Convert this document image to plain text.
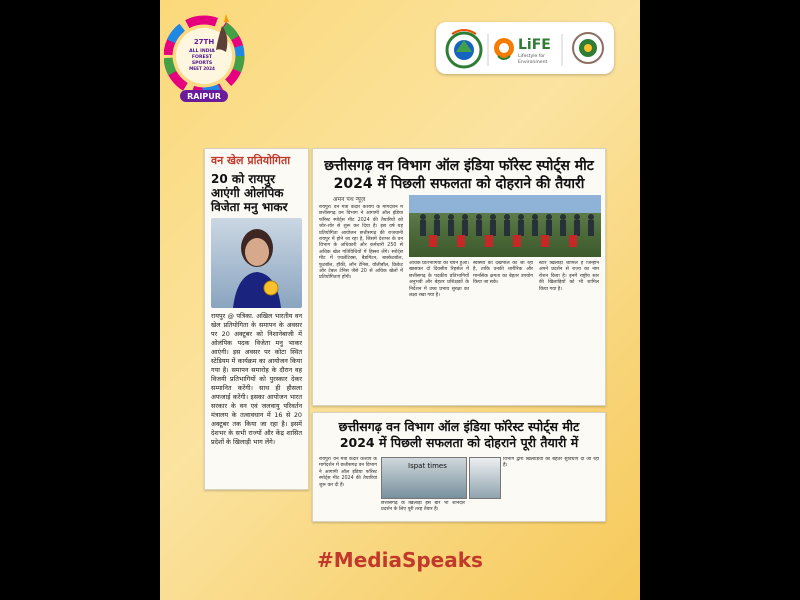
27TH
ALL INDIA
FOREST
SPORTS
MEET 2024
RAIPUR
LiFE
Lifestyle for
Environment
वन खेल प्रतियोगिता
20 को रायपुर
आएंगी ओलंपिक
विजेता मनु भाकर
रायपुर @ पत्रिका. अखिल भारतीय वन खेल प्रतियोगिता के समापन के अवसर पर 20 अक्टूबर को निशानेबाजी में ओलंपिक पदक विजेता मनु भाकर आएंगी। इस अवसर पर कोटा स्थित स्टेडियम में कार्यक्रम का आयोजन किया गया है। समापन समारोह के दौरान वह विजयी प्रतिभागियों को पुरस्कार देकर सम्मानित करेंगी। साथ ही हौसला अफजाई करेंगी। इसका आयोजन भारत सरकार के वन एवं जलवायु परिवर्तन मंत्रालय के तत्वावधान में 16 से 20 अक्टूबर तक किया जा रहा है। इसमें देशभर के सभी राज्यों और केंद्र शासित प्रदेशों के खिलाड़ी भाग लेंगे।
छत्तीसगढ़ वन विभाग ऑल इंडिया फॉरेस्ट स्पोर्ट्स मीट
2024 में पिछली सफलता को दोहराने की तैयारी
अमन पथ न्यूज़
रायपुर। वन मंत्री केदार कश्यप के मार्गदर्शन में छत्तीसगढ़ वन विभाग ने आगामी ऑल इंडिया फॉरेस्ट स्पोर्ट्स मीट 2024 की तैयारियों को जोर-शोर से शुरू कर दिया है। इस वर्ष यह प्रतियोगिता आयोजन छत्तीसगढ़ की राजधानी रायपुर में होने जा रहा है, जिसमें देशभर के वन विभाग के अधिकारी और कर्मचारी 250 से अधिक खेल गतिविधियों में हिस्सा लेंगे। स्पोर्ट्स मीट में एथलेटिक्स, बैडमिंटन, बास्केटबॉल, फुटबॉल, हॉकी, लॉन टेनिस, वॉलीबॉल, क्रिकेट और टेबल टेनिस जैसे 20 से अधिक खेलों में प्रतियोगिताएं होंगी।
अधिक प्रतिभागियों का चयन हुआ। खासकर दो दिवसीय रिहर्सल में छत्तीसगढ़ के पदकीय प्रतिभागियों अनुभवी और बेहतर प्रशिक्षकों के निर्देशन में उच्च प्रभाव सुरक्षा का लक्ष्य रखा गया है।
स्वास्थ्य की देखभाल की जा रही है, ताकि उनकी शारीरिक और मानसिक क्षमता का बेहतर उपयोग किया जा सके।
स्टार खिलाड़ी शामिल हैं जिन्होंने अपने प्रदर्शन से राज्य का नाम रोशन किया है। इनमें राष्ट्रीय स्तर की खिलाड़ियों को भी शामिल किया गया है।
छत्तीसगढ़ वन विभाग ऑल इंडिया फॉरेस्ट स्पोर्ट्स मीट
2024 में पिछली सफलता को दोहराने पूरी तैयारी में
रायपुर। वन मंत्री केदार कश्यप के मार्गदर्शन में छत्तीसगढ़ वन विभाग ने आगामी ऑल इंडिया फॉरेस्ट स्पोर्ट्स मीट 2024 की तैयारियां शुरू कर दी हैं।
Ispat times
छत्तीसगढ़ के खिलाड़ी इस बार भी शानदार प्रदर्शन के लिए पूरी तरह तैयार हैं।
विभाग द्वारा खिलाड़ियों को बेहतर सुविधाएं दी जा रही हैं।
#MediaSpeaks
